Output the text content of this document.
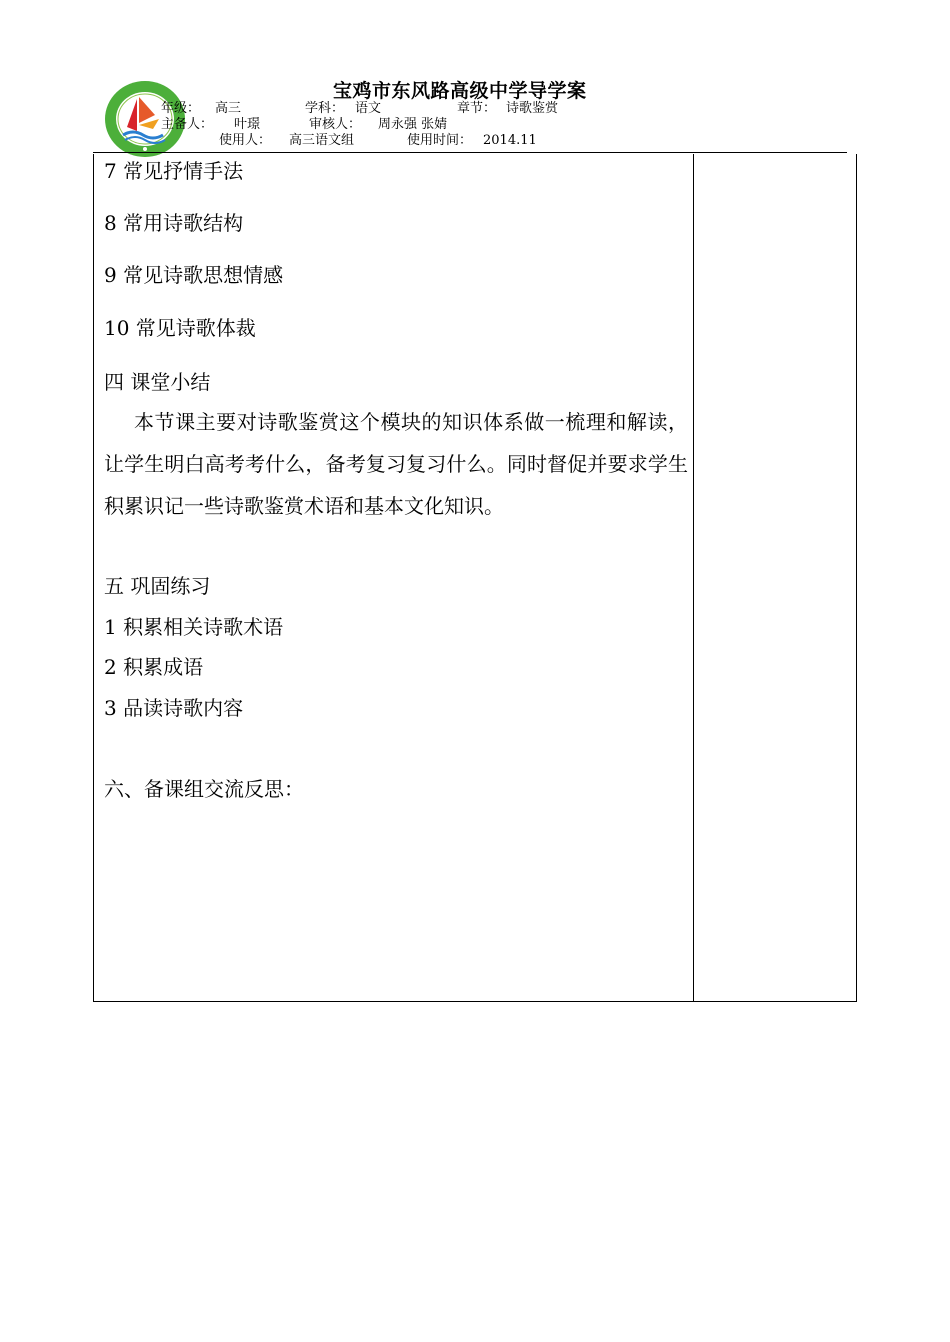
宝鸡市东风路高级中学导学案
年级： 高三	学科： 语文	章节： 诗歌鉴赏
主备人： 叶璟	审核人： 周永强 张婧
使用人： 高三语文组	使用时间： 2014.11
7 常见抒情手法
8 常用诗歌结构
9 常见诗歌思想情感
10 常见诗歌体裁
四 课堂小结
本节课主要对诗歌鉴赏这个模块的知识体系做一梳理和解读，让学生明白高考考什么，备考复习复习什么。同时督促并要求学生积累识记一些诗歌鉴赏术语和基本文化知识。
五 巩固练习
1 积累相关诗歌术语
2 积累成语
3 品读诗歌内容
六、备课组交流反思：
